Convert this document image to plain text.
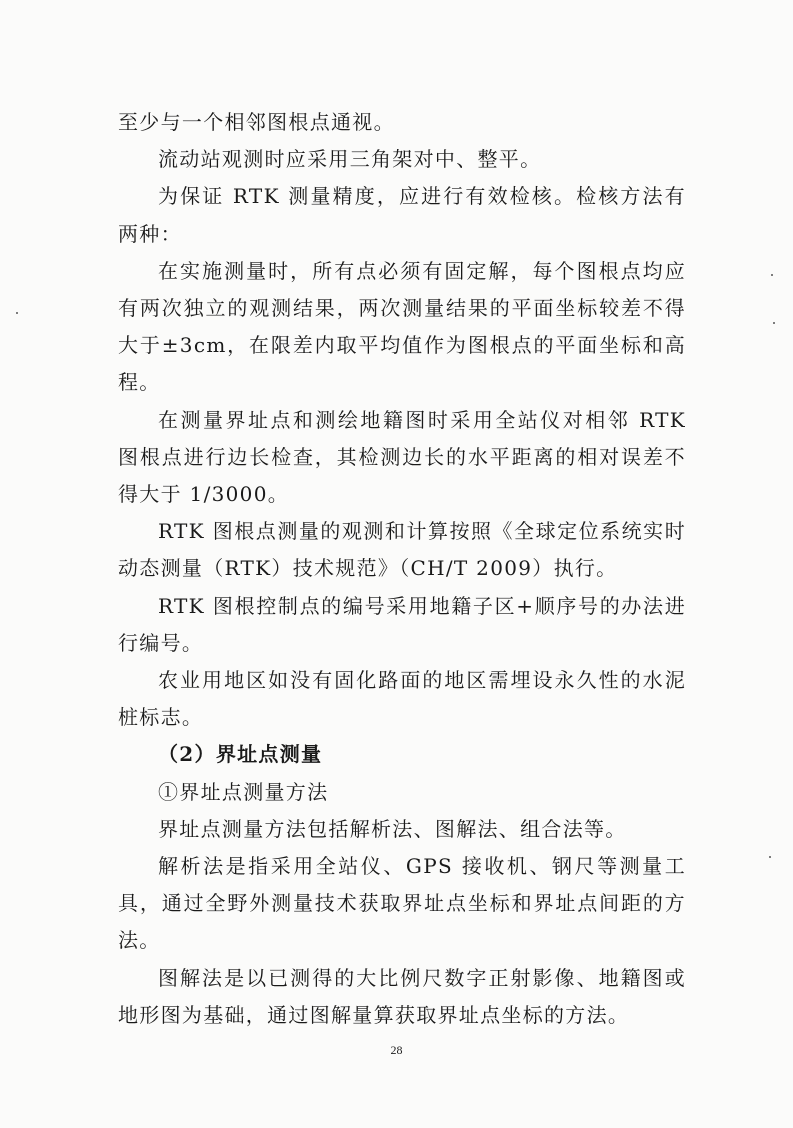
至少与一个相邻图根点通视。

流动站观测时应采用三角架对中、整平。

为保证 RTK 测量精度，应进行有效检核。检核方法有两种：

在实施测量时，所有点必须有固定解，每个图根点均应有两次独立的观测结果，两次测量结果的平面坐标较差不得大于±3cm，在限差内取平均值作为图根点的平面坐标和高程。

在测量界址点和测绘地籍图时采用全站仪对相邻 RTK 图根点进行边长检查，其检测边长的水平距离的相对误差不得大于 1/3000。

RTK 图根点测量的观测和计算按照《全球定位系统实时动态测量（RTK）技术规范》（CH/T 2009）执行。

RTK 图根控制点的编号采用地籍子区+顺序号的办法进行编号。

农业用地区如没有固化路面的地区需埋设永久性的水泥桩标志。

（2）界址点测量

①界址点测量方法

界址点测量方法包括解析法、图解法、组合法等。

解析法是指采用全站仪、GPS 接收机、钢尺等测量工具，通过全野外测量技术获取界址点坐标和界址点间距的方法。

图解法是以已测得的大比例尺数字正射影像、地籍图或地形图为基础，通过图解量算获取界址点坐标的方法。

28
